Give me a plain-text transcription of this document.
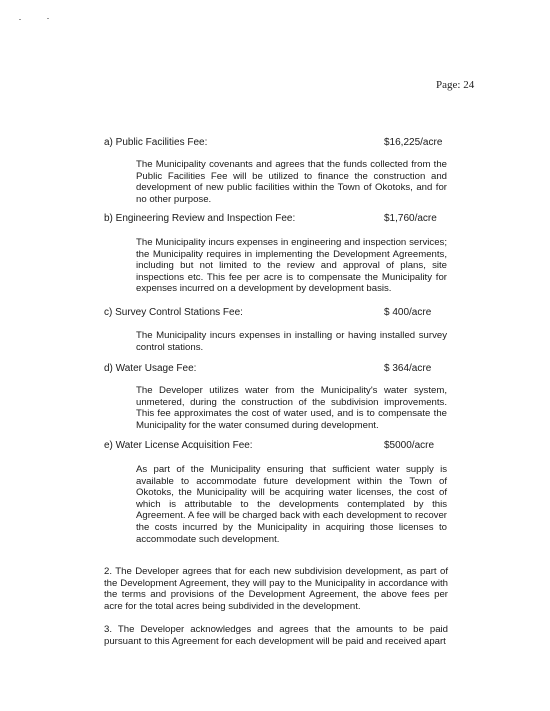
Page: 24
a) Public Facilities Fee:	$16,225/acre
The Municipality covenants and agrees that the funds collected from the Public Facilities Fee will be utilized to finance the construction and development of new public facilities within the Town of Okotoks, and for no other purpose.
b) Engineering Review and Inspection Fee:	$1,760/acre
The Municipality incurs expenses in engineering and inspection services; the Municipality requires in implementing the Development Agreements, including but not limited to the review and approval of plans, site inspections etc. This fee per acre is to compensate the Municipality for expenses incurred on a development by development basis.
c) Survey Control Stations Fee:	$ 400/acre
The Municipality incurs expenses in installing or having installed survey control stations.
d) Water Usage Fee:	$ 364/acre
The Developer utilizes water from the Municipality's water system, unmetered, during the construction of the subdivision improvements. This fee approximates the cost of water used, and is to compensate the Municipality for the water consumed during development.
e) Water License Acquisition Fee:	$5000/acre
As part of the Municipality ensuring that sufficient water supply is available to accommodate future development within the Town of Okotoks, the Municipality will be acquiring water licenses, the cost of which is attributable to the developments contemplated by this Agreement. A fee will be charged back with each development to recover the costs incurred by the Municipality in acquiring those licenses to accommodate such development.
2. The Developer agrees that for each new subdivision development, as part of the Development Agreement, they will pay to the Municipality in accordance with the terms and provisions of the Development Agreement, the above fees per acre for the total acres being subdivided in the development.
3. The Developer acknowledges and agrees that the amounts to be paid pursuant to this Agreement for each development will be paid and received apart
